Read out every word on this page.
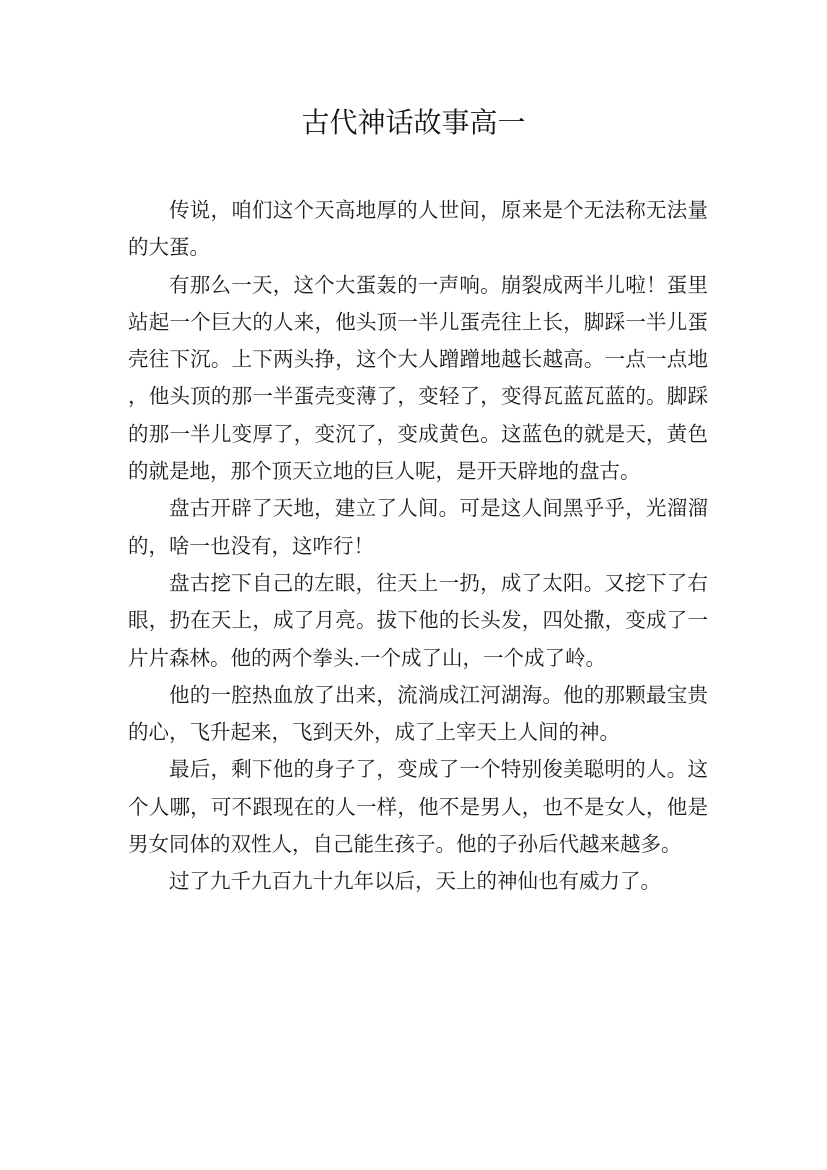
古代神话故事高一

传说，咱们这个天高地厚的人世间，原来是个无法称无法量的大蛋。

有那么一天，这个大蛋轰的一声响。崩裂成两半儿啦！蛋里站起一个巨大的人来，他头顶一半儿蛋壳往上长，脚踩一半儿蛋壳往下沉。上下两头挣，这个大人蹭蹭地越长越高。一点一点地，他头顶的那一半蛋壳变薄了，变轻了，变得瓦蓝瓦蓝的。脚踩的那一半儿变厚了，变沉了，变成黄色。这蓝色的就是天，黄色的就是地，那个顶天立地的巨人呢，是开天辟地的盘古。

盘古开辟了天地，建立了人间。可是这人间黑乎乎，光溜溜的，啥一也没有，这咋行！

盘古挖下自己的左眼，往天上一扔，成了太阳。又挖下了右眼，扔在天上，成了月亮。拔下他的长头发，四处撒，变成了一片片森林。他的两个拳头.一个成了山，一个成了岭。

他的一腔热血放了出来，流淌成江河湖海。他的那颗最宝贵的心，飞升起来，飞到天外，成了上宰天上人间的神。

最后，剩下他的身子了，变成了一个特别俊美聪明的人。这个人哪，可不跟现在的人一样，他不是男人，也不是女人，他是男女同体的双性人，自己能生孩子。他的子孙后代越来越多。

过了九千九百九十九年以后，天上的神仙也有威力了。
